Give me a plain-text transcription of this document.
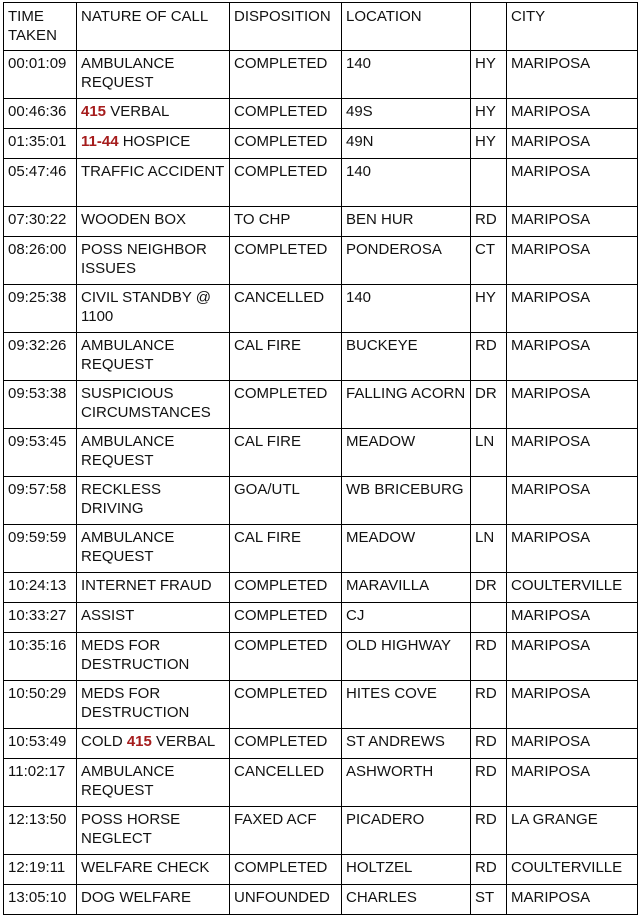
TIME TAKEN	NATURE OF CALL	DISPOSITION	LOCATION		CITY
00:01:09	AMBULANCE REQUEST	COMPLETED	140	HY	MARIPOSA
00:46:36	415 VERBAL	COMPLETED	49S	HY	MARIPOSA
01:35:01	11-44 HOSPICE	COMPLETED	49N	HY	MARIPOSA
05:47:46	TRAFFIC ACCIDENT	COMPLETED	140		MARIPOSA
07:30:22	WOODEN BOX	TO CHP	BEN HUR	RD	MARIPOSA
08:26:00	POSS NEIGHBOR ISSUES	COMPLETED	PONDEROSA	CT	MARIPOSA
09:25:38	CIVIL STANDBY @ 1100	CANCELLED	140	HY	MARIPOSA
09:32:26	AMBULANCE REQUEST	CAL FIRE	BUCKEYE	RD	MARIPOSA
09:53:38	SUSPICIOUS CIRCUMSTANCES	COMPLETED	FALLING ACORN	DR	MARIPOSA
09:53:45	AMBULANCE REQUEST	CAL FIRE	MEADOW	LN	MARIPOSA
09:57:58	RECKLESS DRIVING	GOA/UTL	WB BRICEBURG		MARIPOSA
09:59:59	AMBULANCE REQUEST	CAL FIRE	MEADOW	LN	MARIPOSA
10:24:13	INTERNET FRAUD	COMPLETED	MARAVILLA	DR	COULTERVILLE
10:33:27	ASSIST	COMPLETED	CJ		MARIPOSA
10:35:16	MEDS FOR DESTRUCTION	COMPLETED	OLD HIGHWAY	RD	MARIPOSA
10:50:29	MEDS FOR DESTRUCTION	COMPLETED	HITES COVE	RD	MARIPOSA
10:53:49	COLD 415 VERBAL	COMPLETED	ST ANDREWS	RD	MARIPOSA
11:02:17	AMBULANCE REQUEST	CANCELLED	ASHWORTH	RD	MARIPOSA
12:13:50	POSS HORSE NEGLECT	FAXED ACF	PICADERO	RD	LA GRANGE
12:19:11	WELFARE CHECK	COMPLETED	HOLTZEL	RD	COULTERVILLE
13:05:10	DOG WELFARE	UNFOUNDED	CHARLES	ST	MARIPOSA
